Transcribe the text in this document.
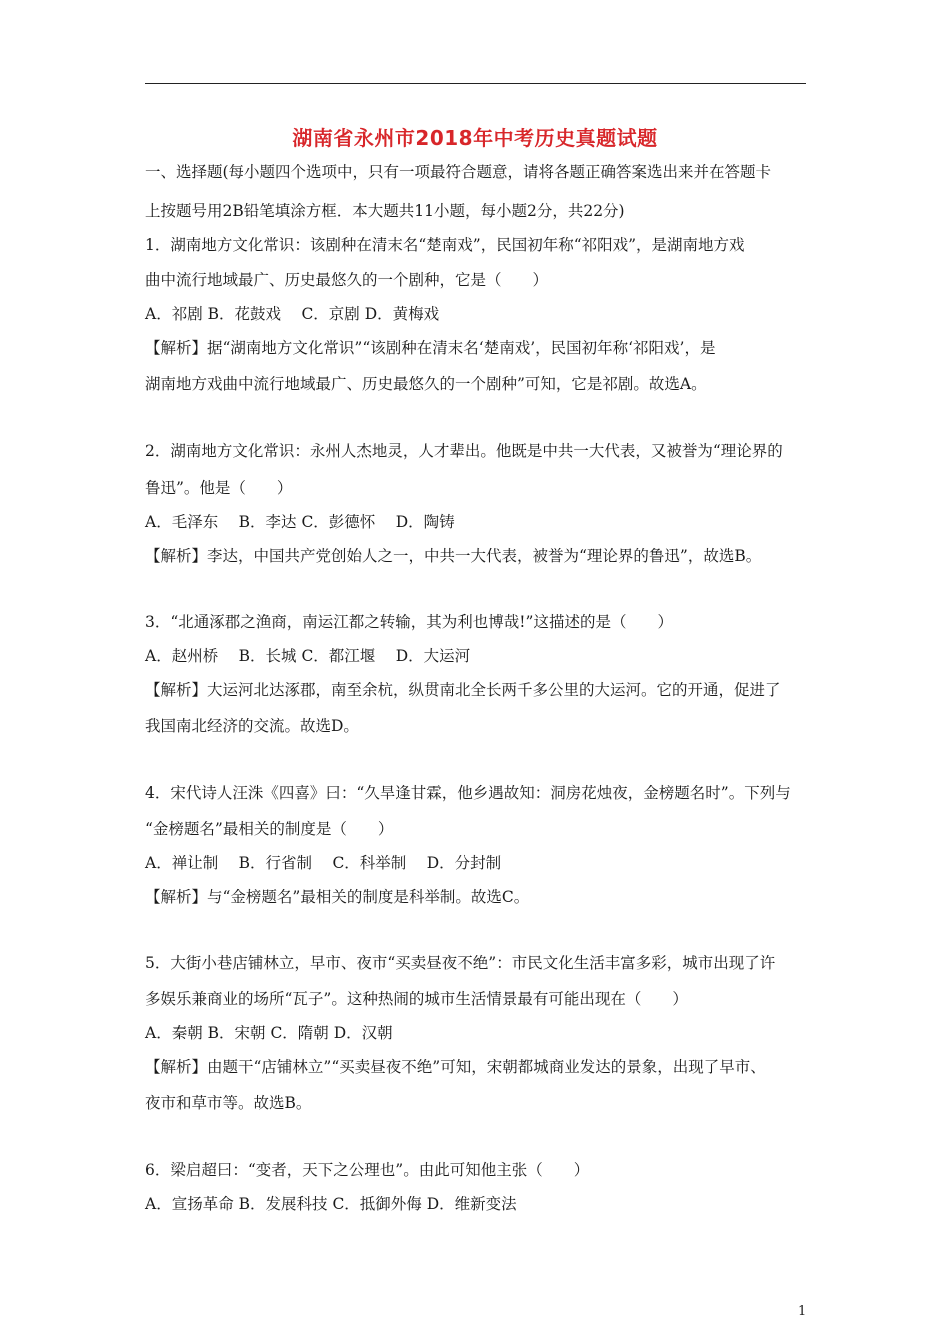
湖南省永州市2018年中考历史真题试题
一、选择题(每小题四个选项中，只有一项最符合题意，请将各题正确答案选出来并在答题卡
上按题号用2B铅笔填涂方框．本大题共11小题，每小题2分，共22分)
1．湖南地方文化常识：该剧种在清末名“楚南戏”，民国初年称“祁阳戏”，是湖南地方戏
曲中流行地域最广、历史最悠久的一个剧种，它是（　　）
A．祁剧 B．花鼓戏　 C．京剧 D．黄梅戏
【解析】据“湖南地方文化常识”“该剧种在清末名‘楚南戏’，民国初年称‘祁阳戏’，是
湖南地方戏曲中流行地域最广、历史最悠久的一个剧种”可知，它是祁剧。故选A。
2．湖南地方文化常识：永州人杰地灵，人才辈出。他既是中共一大代表，又被誉为“理论界的
鲁迅”。他是（　　）
A．毛泽东　 B．李达 C．彭德怀　 D．陶铸
【解析】李达，中国共产党创始人之一，中共一大代表，被誉为“理论界的鲁迅”，故选B。
3．“北通涿郡之渔商，南运江都之转输，其为利也博哉!”这描述的是（　　）
A．赵州桥　 B．长城 C．都江堰　 D．大运河
【解析】大运河北达涿郡，南至余杭，纵贯南北全长两千多公里的大运河。它的开通，促进了
我国南北经济的交流。故选D。
4．宋代诗人汪洙《四喜》曰：“久旱逢甘霖，他乡遇故知：洞房花烛夜，金榜题名时”。下列与
“金榜题名”最相关的制度是（　　）
A．禅让制　 B．行省制　 C．科举制　 D．分封制
【解析】与“金榜题名”最相关的制度是科举制。故选C。
5．大街小巷店铺林立，早市、夜市“买卖昼夜不绝”：市民文化生活丰富多彩，城市出现了许
多娱乐兼商业的场所“瓦子”。这种热闹的城市生活情景最有可能出现在（　　）
A．秦朝 B．宋朝 C．隋朝 D．汉朝
【解析】由题干“店铺林立”“买卖昼夜不绝”可知，宋朝都城商业发达的景象，出现了早市、
夜市和草市等。故选B。
6．梁启超曰：“变者，天下之公理也”。由此可知他主张（　　）
A．宣扬革命 B．发展科技 C．抵御外侮 D．维新变法
1
